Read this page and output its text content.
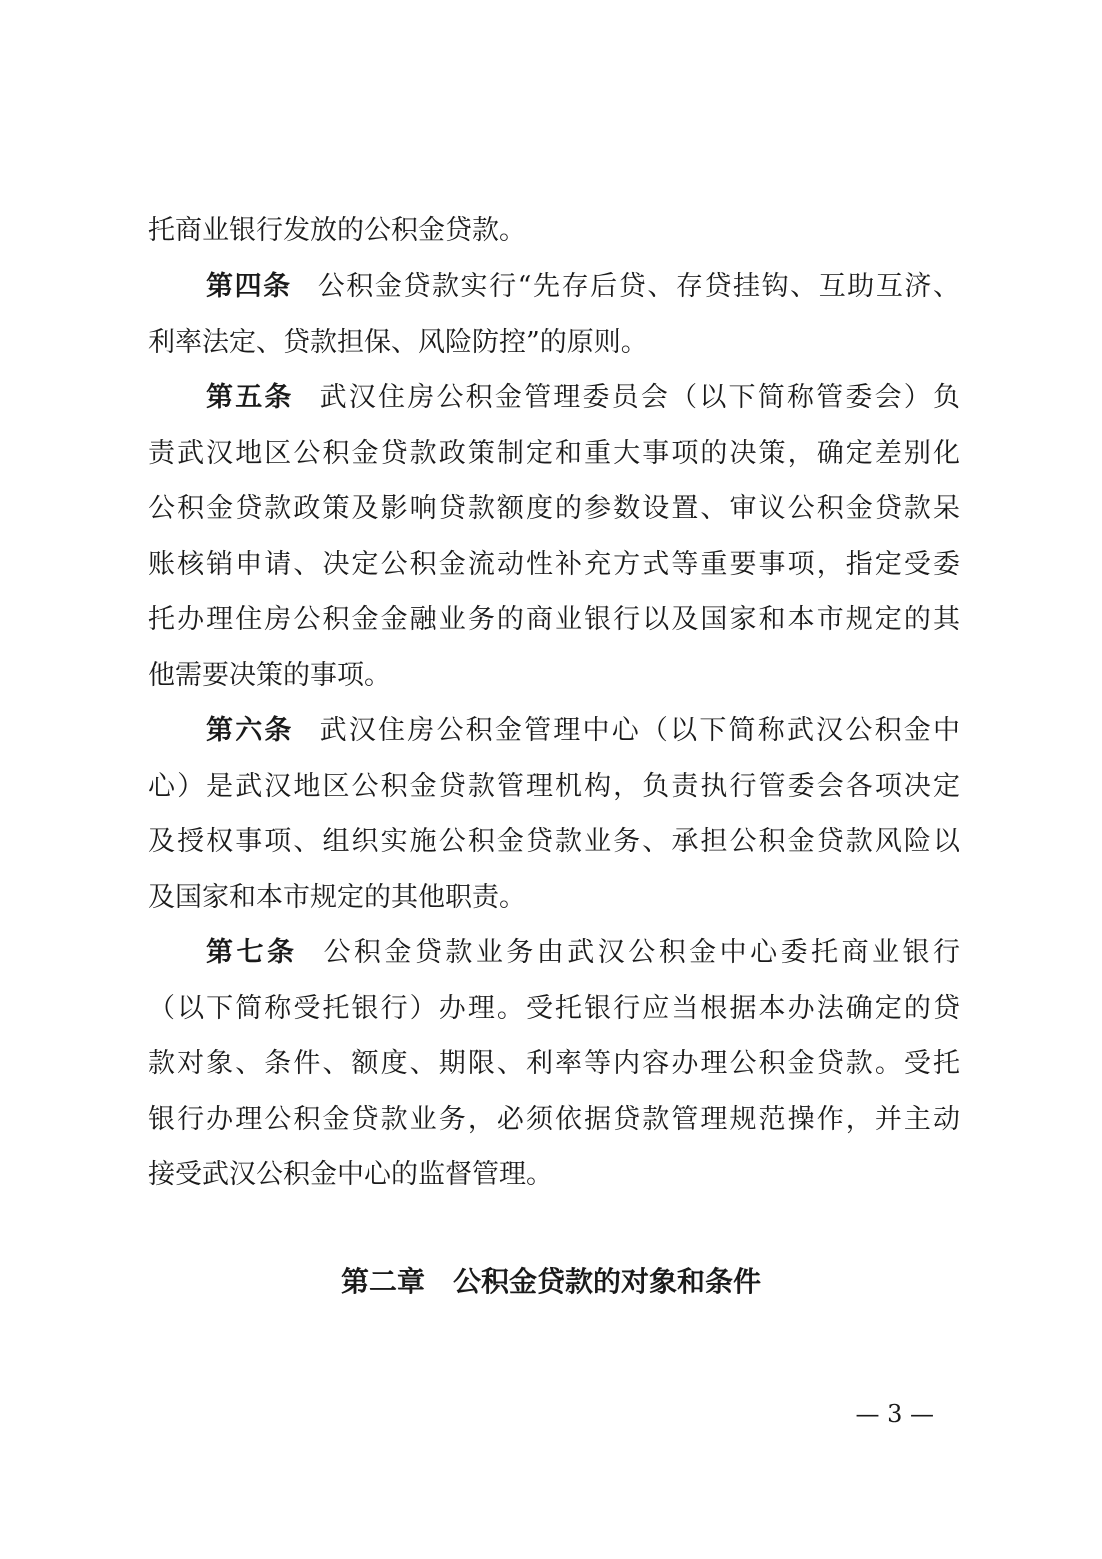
托商业银行发放的公积金贷款。
第四条 公积金贷款实行“先存后贷、存贷挂钩、互助互济、
利率法定、贷款担保、风险防控”的原则。
第五条 武汉住房公积金管理委员会（以下简称管委会）负
责武汉地区公积金贷款政策制定和重大事项的决策，确定差别化
公积金贷款政策及影响贷款额度的参数设置、审议公积金贷款呆
账核销申请、决定公积金流动性补充方式等重要事项，指定受委
托办理住房公积金金融业务的商业银行以及国家和本市规定的其
他需要决策的事项。
第六条 武汉住房公积金管理中心（以下简称武汉公积金中
心）是武汉地区公积金贷款管理机构，负责执行管委会各项决定
及授权事项、组织实施公积金贷款业务、承担公积金贷款风险以
及国家和本市规定的其他职责。
第七条 公积金贷款业务由武汉公积金中心委托商业银行
（以下简称受托银行）办理。受托银行应当根据本办法确定的贷
款对象、条件、额度、期限、利率等内容办理公积金贷款。受托
银行办理公积金贷款业务，必须依据贷款管理规范操作，并主动
接受武汉公积金中心的监督管理。
第二章 公积金贷款的对象和条件
— 3 —
